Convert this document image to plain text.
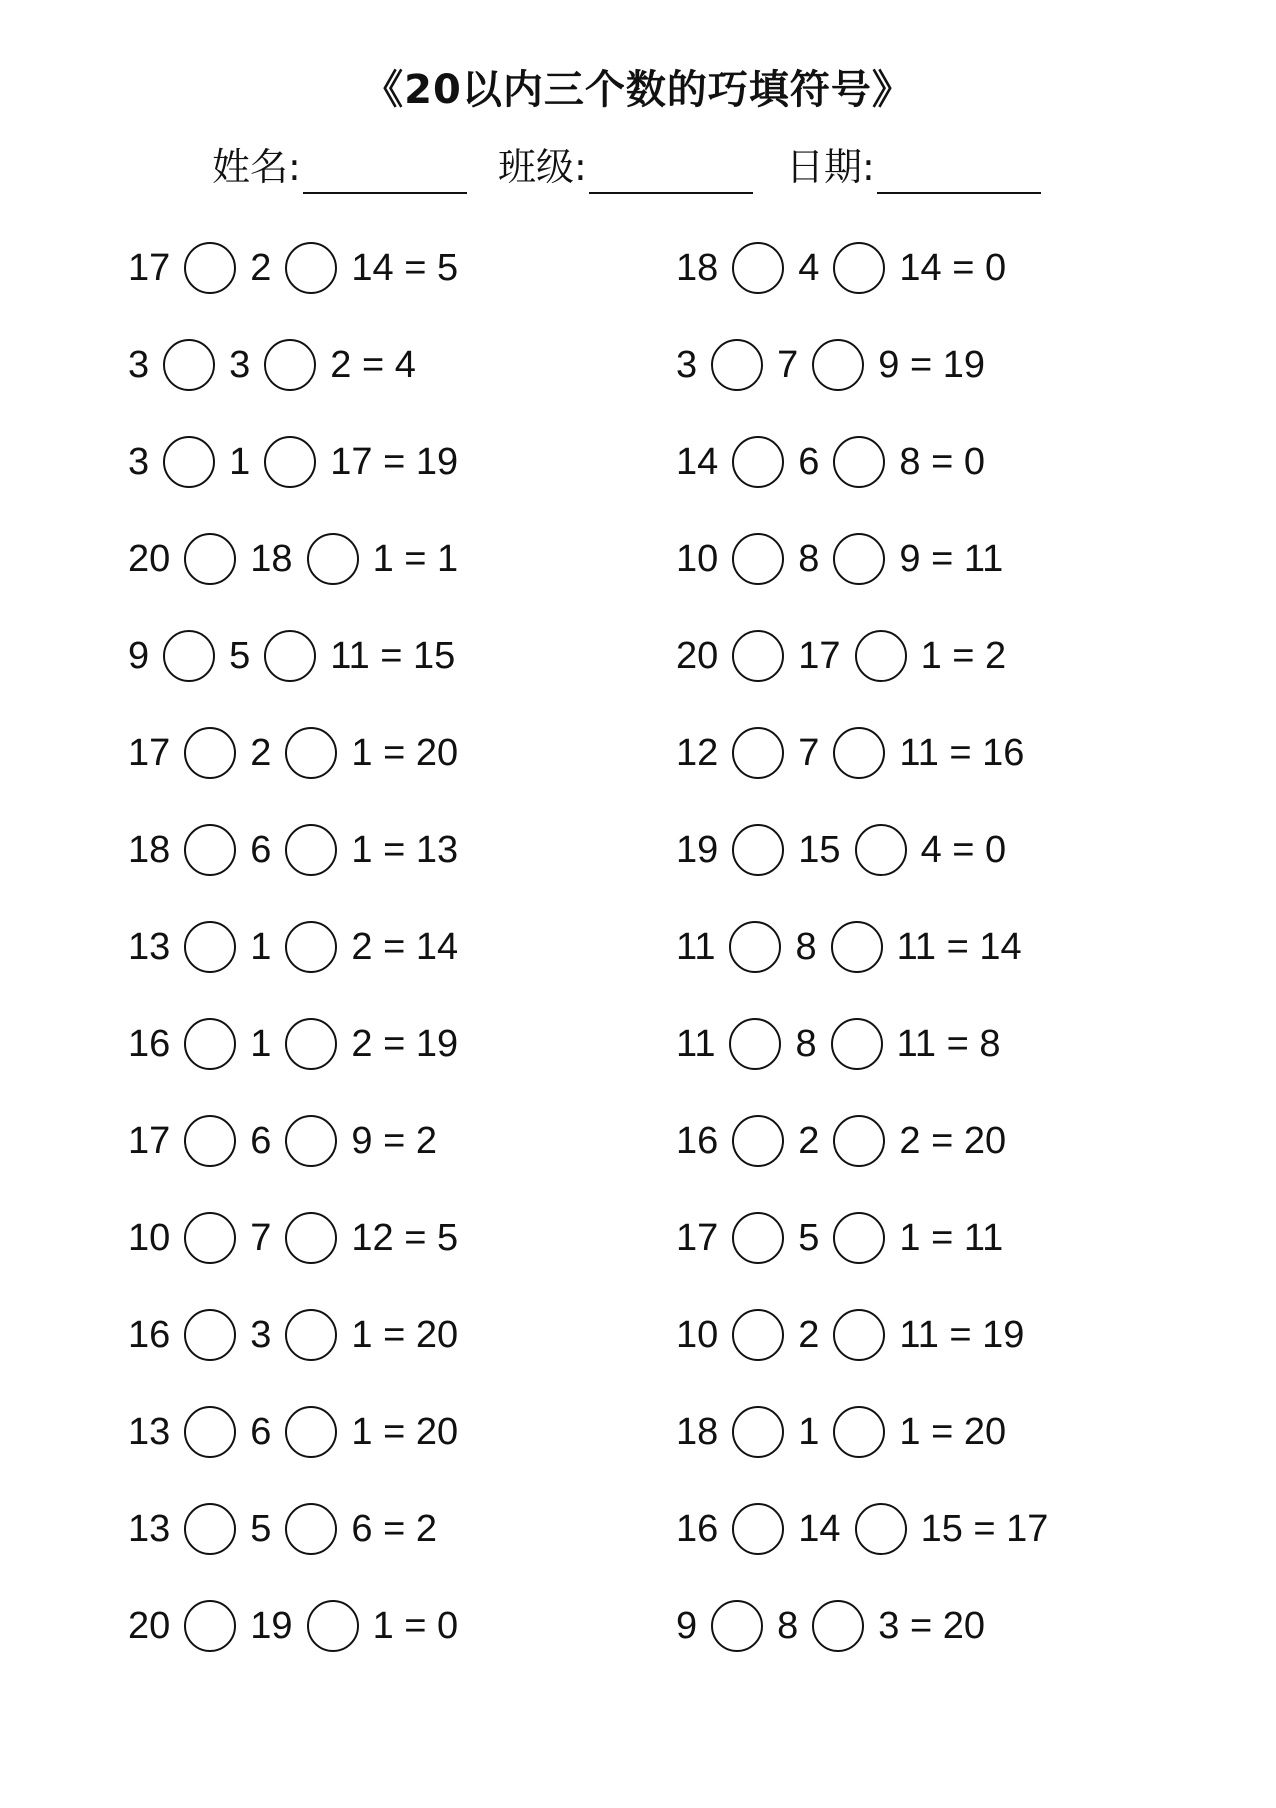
《20以内三个数的巧填符号》
姓名:	班级:	日期:
17 2 14 = 5
3 3 2 = 4
3 1 17 = 19
20 18 1 = 1
9 5 11 = 15
17 2 1 = 20
18 6 1 = 13
13 1 2 = 14
16 1 2 = 19
17 6 9 = 2
10 7 12 = 5
16 3 1 = 20
13 6 1 = 20
13 5 6 = 2
20 19 1 = 0
18 4 14 = 0
3 7 9 = 19
14 6 8 = 0
10 8 9 = 11
20 17 1 = 2
12 7 11 = 16
19 15 4 = 0
11 8 11 = 14
11 8 11 = 8
16 2 2 = 20
17 5 1 = 11
10 2 11 = 19
18 1 1 = 20
16 14 15 = 17
9 8 3 = 20
